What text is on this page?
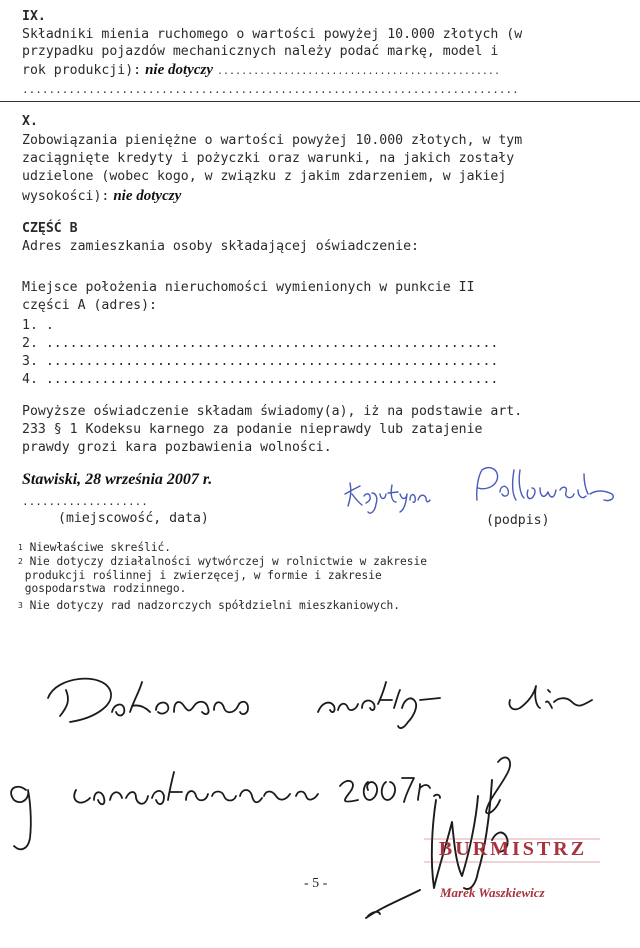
IX.
Składniki mienia ruchomego o wartości powyżej 10.000 złotych (w
przypadku pojazdów mechanicznych należy podać markę, model i
rok produkcji): nie dotyczy ...............................................
...........................................................................
X.
Zobowiązania pieniężne o wartości powyżej 10.000 złotych, w tym
zaciągnięte kredyty i pożyczki oraz warunki, na jakich zostały
udzielone (wobec kogo, w związku z jakim zdarzeniem, w jakiej
wysokości): nie dotyczy
CZĘŚĆ B
Adres zamieszkania osoby składającej oświadczenie:
Miejsce położenia nieruchomości wymienionych w punkcie II
części A (adres):
1. .
2. .........................................................
3. .........................................................
4. .........................................................
Powyższe oświadczenie składam świadomy(a), iż na podstawie art.
233 § 1 Kodeksu karnego za podanie nieprawdy lub zatajenie
prawdy grozi kara pozbawienia wolności.
Stawiski, 28 września 2007 r.
...................
(miejscowość, data)	(podpis)
$^1$ Niewłaściwe skreślić.
$^2$ Nie dotyczy działalności wytwórczej w rolnictwie w zakresie
produkcji roślinnej i zwierzęcej, w formie i zakresie
gospodarstwa rodzinnego.
$^3$ Nie dotyczy rad nadzorczych spółdzielni mieszkaniowych.
BURMISTRZ
Marek Waszkiewicz
- 5 -
